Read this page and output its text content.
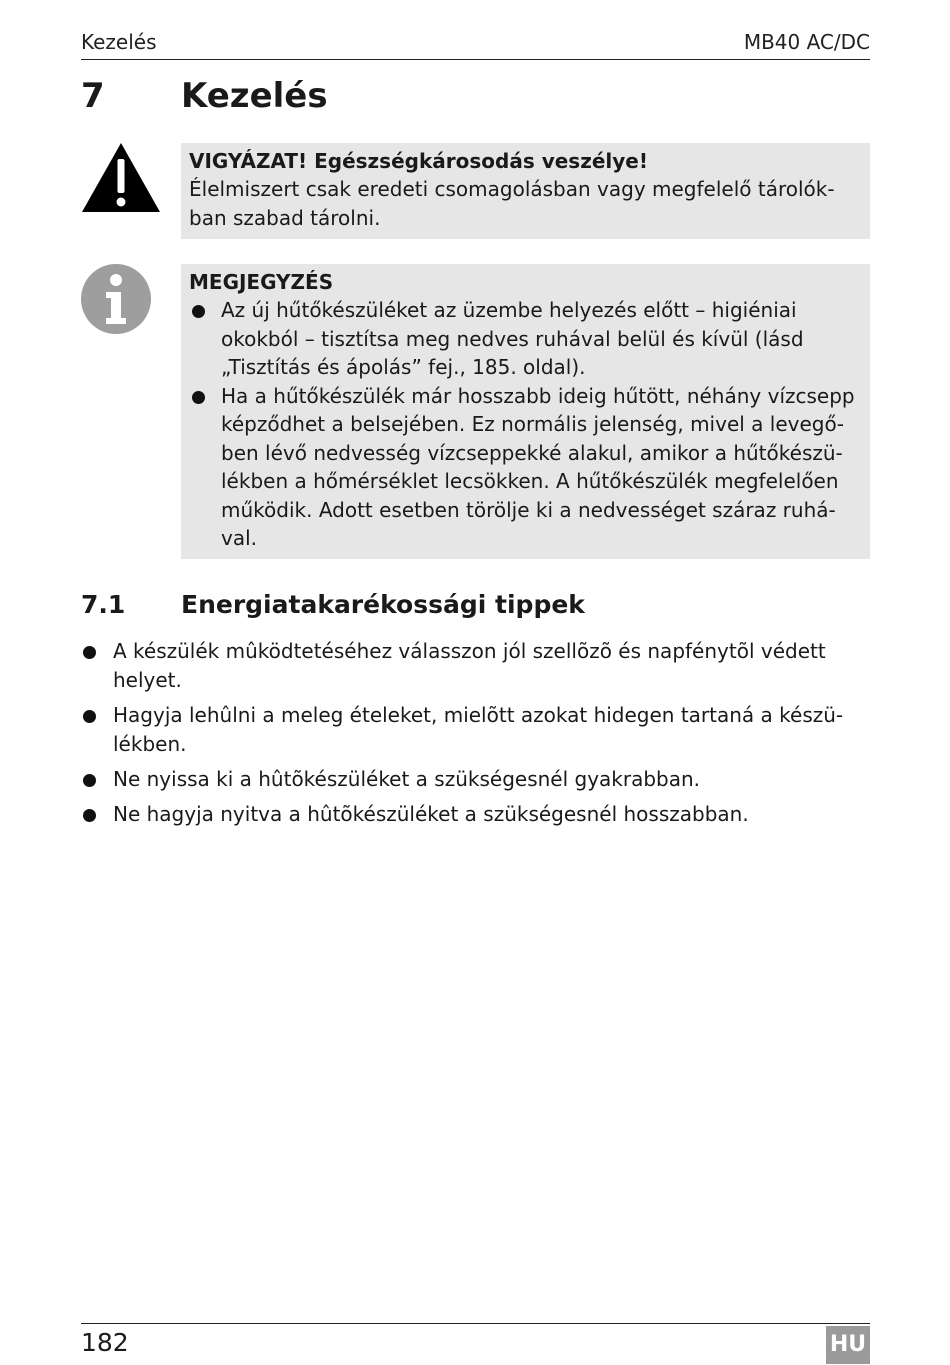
Kezelés	MB40 AC/DC
7 Kezelés
VIGYÁZAT! Egészségkárosodás veszélye!
Élelmiszert csak eredeti csomagolásban vagy megfelelő tárolók-ban szabad tárolni.
MEGJEGYZÉS
Az új hűtőkészüléket az üzembe helyezés előtt – higiéniai okokból – tisztítsa meg nedves ruhával belül és kívül (lásd „Tisztítás és ápolás” fej., 185. oldal).
Ha a hűtőkészülék már hosszabb ideig hűtött, néhány vízcsepp képződhet a belsejében. Ez normális jelenség, mivel a levegő-ben lévő nedvesség vízcseppekké alakul, amikor a hűtőkészü-lékben a hőmérséklet lecsökken. A hűtőkészülék megfelelően működik. Adott esetben törölje ki a nedvességet száraz ruhá-val.
7.1 Energiatakarékossági tippek
A készülék mûködtetéséhez válasszon jól szellõzõ és napfénytõl védett helyet.
Hagyja lehûlni a meleg ételeket, mielõtt azokat hidegen tartaná a készü-lékben.
Ne nyissa ki a hûtõkészüléket a szükségesnél gyakrabban.
Ne hagyja nyitva a hûtõkészüléket a szükségesnél hosszabban.
182	HU
